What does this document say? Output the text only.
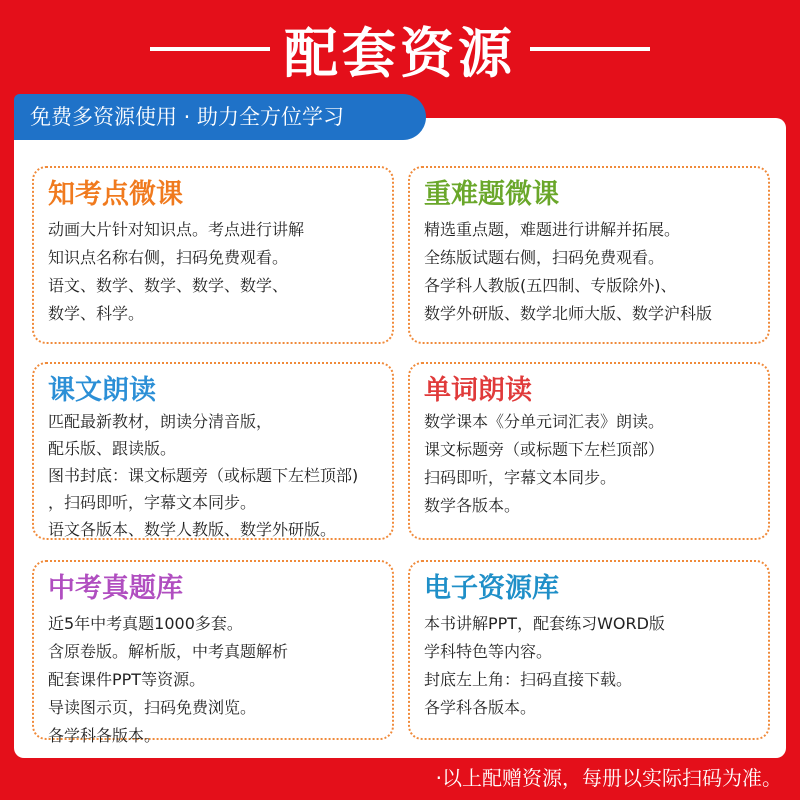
配套资源
免费多资源使用 · 助力全方位学习
知考点微课
动画大片针对知识点。考点进行讲解
知识点名称右侧，扫码免费观看。
语文、数学、数学、数学、数学、
数学、科学。
重难题微课
精选重点题，难题进行讲解并拓展。
全练版试题右侧，扫码免费观看。
各学科人教版(五四制、专版除外)、
数学外研版、数学北师大版、数学沪科版
课文朗读
匹配最新教材，朗读分清音版，
配乐版、跟读版。
图书封底：课文标题旁（或标题下左栏顶部)
，扫码即听，字幕文本同步。
语文各版本、数学人教版、数学外研版。
单词朗读
数学课本《分单元词汇表》朗读。
课文标题旁（或标题下左栏顶部）
扫码即听，字幕文本同步。
数学各版本。
中考真题库
近5年中考真题1000多套。
含原卷版。解析版，中考真题解析
配套课件PPT等资源。
导读图示页，扫码免费浏览。
各学科各版本。
电子资源库
本书讲解PPT，配套练习WORD版
学科特色等内容。
封底左上角：扫码直接下载。
各学科各版本。
·以上配赠资源，每册以实际扫码为准。
